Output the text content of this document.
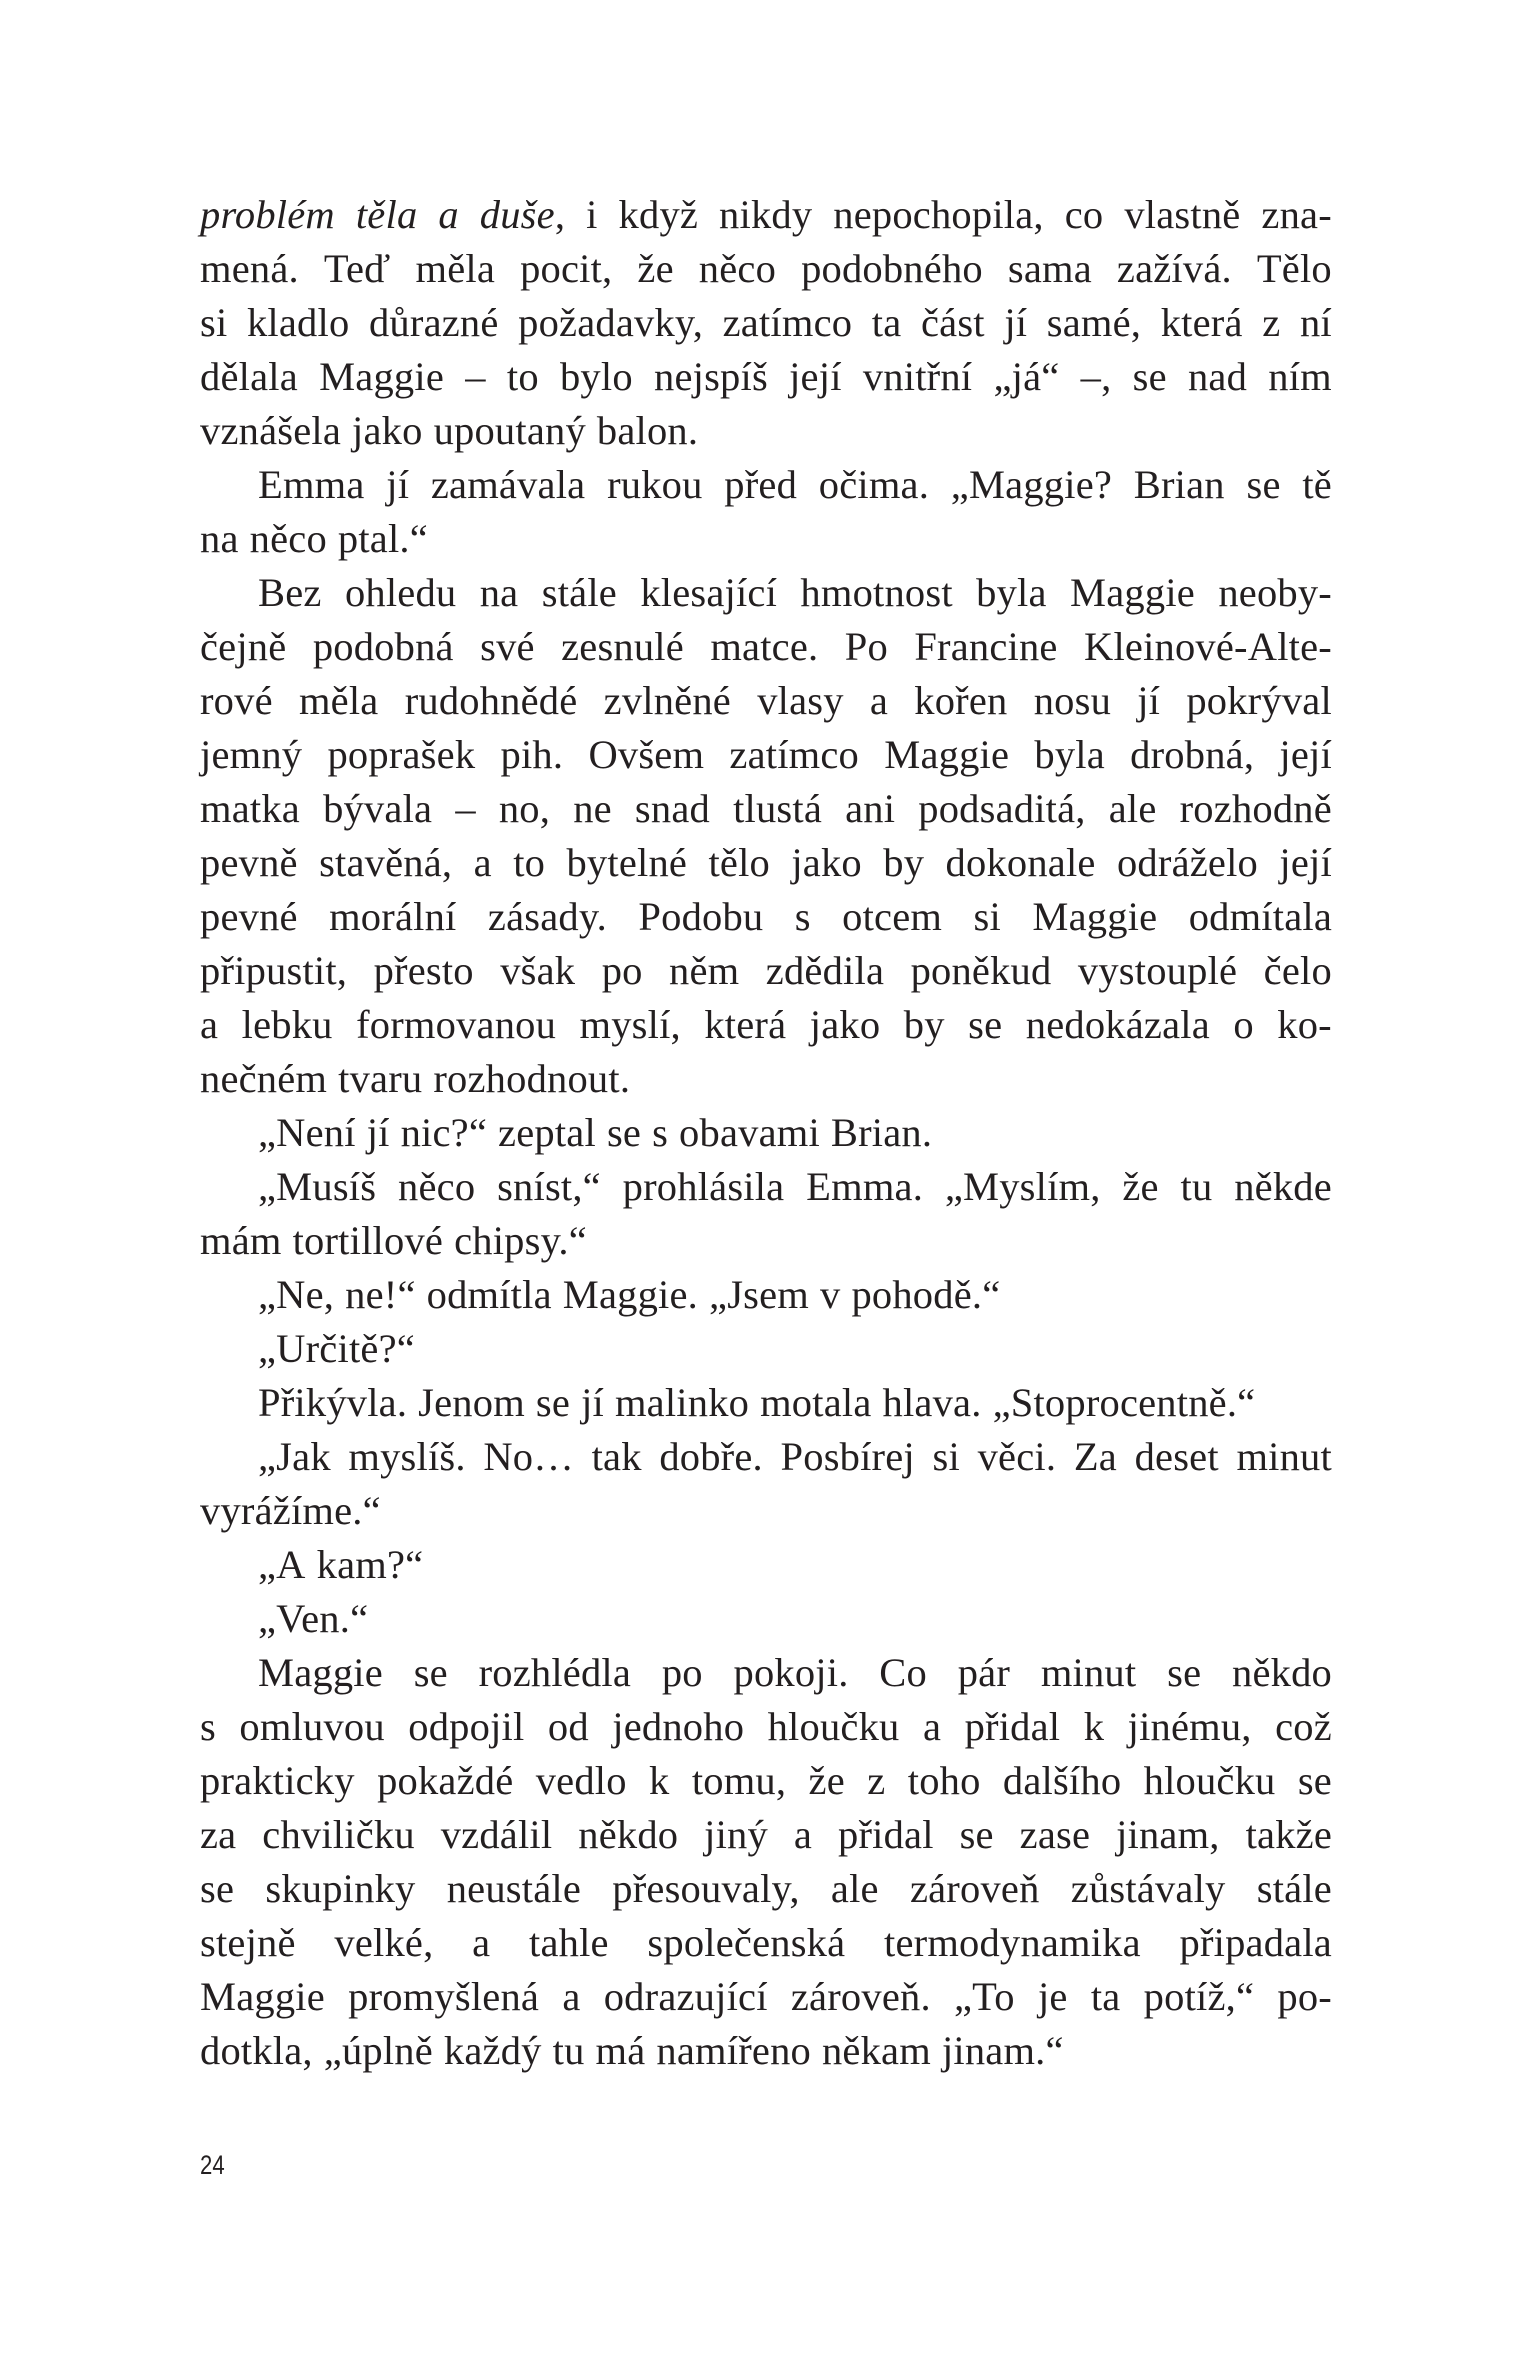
problém těla a duše, i když nikdy nepochopila, co vlastně zna-
mená. Teď měla pocit, že něco podobného sama zažívá. Tělo
si kladlo důrazné požadavky, zatímco ta část jí samé, která z ní
dělala Maggie – to bylo nejspíš její vnitřní „já“ –, se nad ním
vznášela jako upoutaný balon.
Emma jí zamávala rukou před očima. „Maggie? Brian se tě
na něco ptal.“
Bez ohledu na stále klesající hmotnost byla Maggie neoby-
čejně podobná své zesnulé matce. Po Francine Kleinové-Alte-
rové měla rudohnědé zvlněné vlasy a kořen nosu jí pokrýval
jemný poprašek pih. Ovšem zatímco Maggie byla drobná, její
matka bývala – no, ne snad tlustá ani podsaditá, ale rozhodně
pevně stavěná, a to bytelné tělo jako by dokonale odráželo její
pevné morální zásady. Podobu s otcem si Maggie odmítala
připustit, přesto však po něm zdědila poněkud vystouplé čelo
a lebku formovanou myslí, která jako by se nedokázala o ko-
nečném tvaru rozhodnout.
„Není jí nic?“ zeptal se s obavami Brian.
„Musíš něco sníst,“ prohlásila Emma. „Myslím, že tu někde
mám tortillové chipsy.“
„Ne, ne!“ odmítla Maggie. „Jsem v pohodě.“
„Určitě?“
Přikývla. Jenom se jí malinko motala hlava. „Stoprocentně.“
„Jak myslíš. No… tak dobře. Posbírej si věci. Za deset minut
vyrážíme.“
„A kam?“
„Ven.“
Maggie se rozhlédla po pokoji. Co pár minut se někdo
s omluvou odpojil od jednoho hloučku a přidal k jinému, což
prakticky pokaždé vedlo k tomu, že z toho dalšího hloučku se
za chviličku vzdálil někdo jiný a přidal se zase jinam, takže
se skupinky neustále přesouvaly, ale zároveň zůstávaly stále
stejně velké, a tahle společenská termodynamika připadala
Maggie promyšlená a odrazující zároveň. „To je ta potíž,“ po-
dotkla, „úplně každý tu má namířeno někam jinam.“
24
